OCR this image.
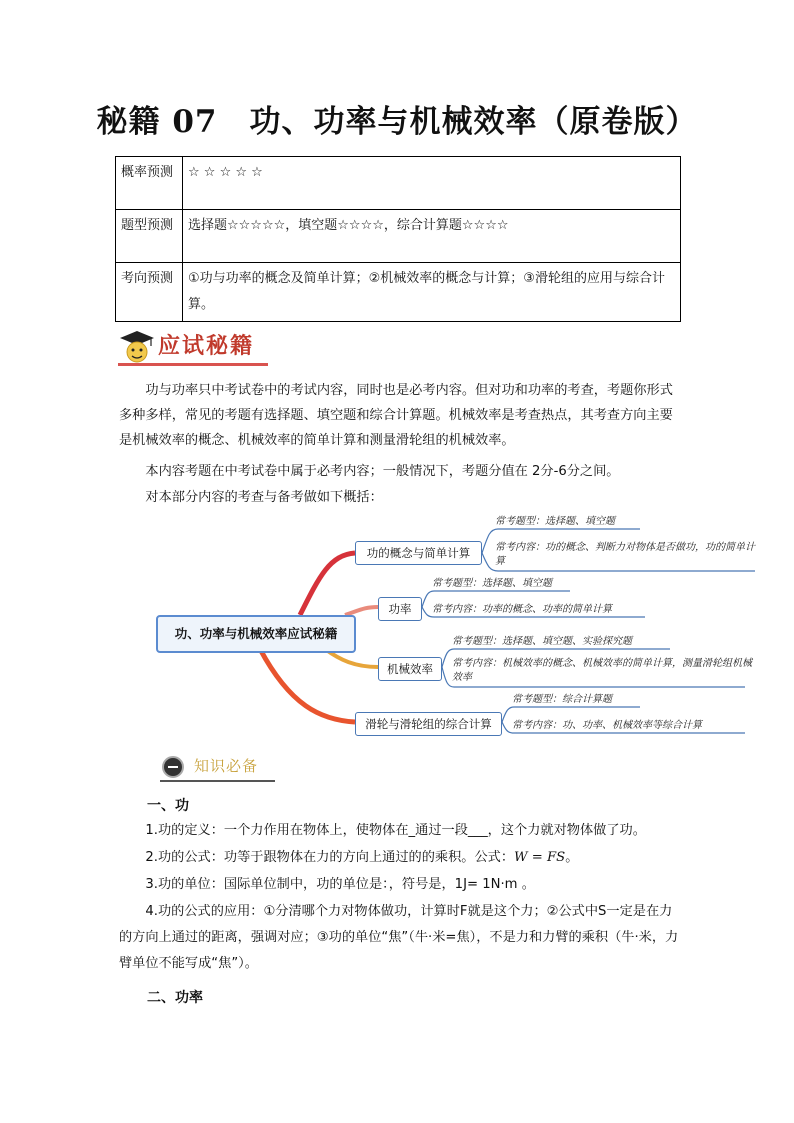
秘籍 07　功、功率与机械效率（原卷版）
概率预测	☆ ☆ ☆ ☆ ☆
题型预测	选择题☆☆☆☆☆，填空题☆☆☆☆，综合计算题☆☆☆☆
考向预测	①功与功率的概念及简单计算；②机械效率的概念与计算；③滑轮组的应用与综合计算。
应试秘籍
功与功率只中考试卷中的考试内容，同时也是必考内容。但对功和功率的考查，考题你形式多种多样，常见的考题有选择题、填空题和综合计算题。机械效率是考查热点，其考查方向主要是机械效率的概念、机械效率的简单计算和测量滑轮组的机械效率。
本内容考题在中考试卷中属于必考内容；一般情况下，考题分值在 2分-6分之间。
对本部分内容的考查与备考做如下概括：
功、功率与机械效率应试秘籍
功的概念与简单计算
功率
机械效率
滑轮与滑轮组的综合计算
常考题型：选择题、填空题
常考内容：功的概念、判断力对物体是否做功，功的简单计算
常考题型：选择题、填空题
常考内容：功率的概念、功率的简单计算
常考题型：选择题、填空题、实验探究题
常考内容：机械效率的概念、机械效率的简单计算，测量滑轮组机械效率
常考题型：综合计算题
常考内容：功、功率、机械效率等综合计算
知识必备
一、功
1.功的定义：一个力作用在物体上，使物体在_通过一段___，这个力就对物体做了功。
2.功的公式：功等于跟物体在力的方向上通过的的乘积。公式：W = FS。
3.功的单位：国际单位制中，功的单位是：，符号是，1J= 1N·m 。
4.功的公式的应用：①分清哪个力对物体做功，计算时F就是这个力；②公式中S一定是在力的方向上通过的距离，强调对应；③功的单位“焦”（牛·米=焦），不是力和力臂的乘积（牛·米，力臂单位不能写成“焦”）。
二、功率
